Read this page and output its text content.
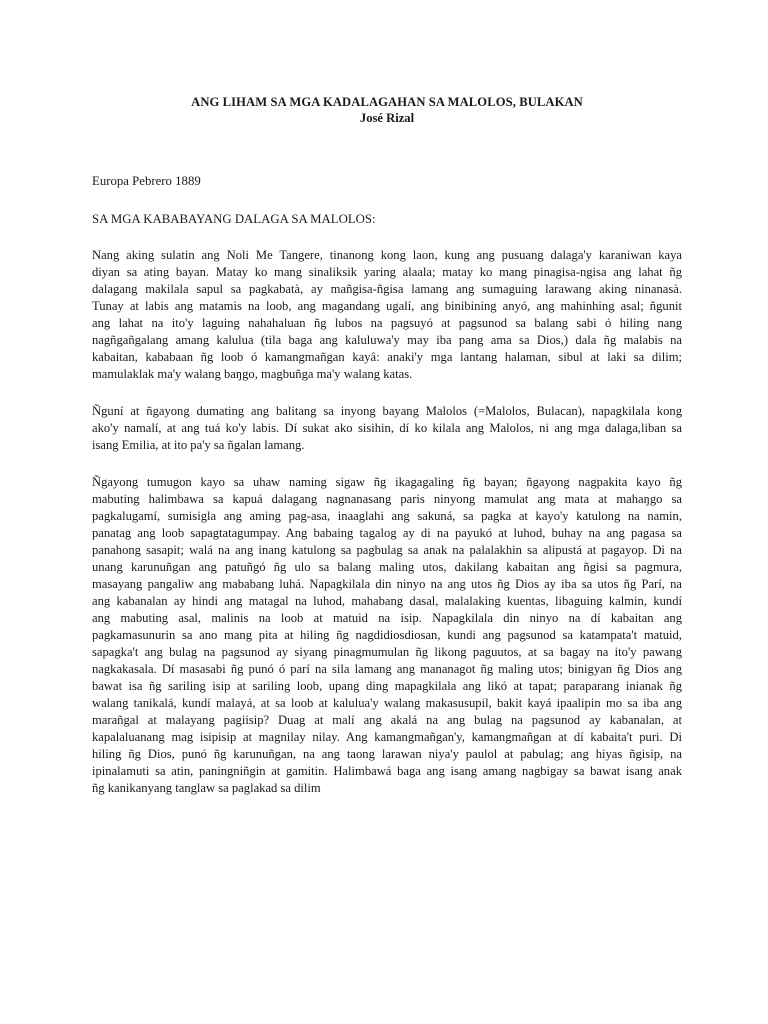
ANG LIHAM SA MGA KADALAGAHAN SA MALOLOS, BULAKAN
José Rizal
Europa Pebrero 1889
SA MGA KABABAYANG DALAGA SA MALOLOS:
Nang aking sulatin ang Noli Me Tangere, tinanong kong laon, kung ang pusuang dalaga'y karaniwan kaya
diyan sa ating bayan. Matay ko mang sinaliksik yaring alaala; matay ko mang pinagisa-ngisa ang lahat ñg
dalagang makilala sapul sa pagkabatà, ay mañgisa-ñgisa lamang ang sumaguing larawang aking ninanasà.
Tunay at labis ang matamis na loob, ang magandang ugalí, ang binibining anyó, ang mahinhing asal; ñgunit
ang lahat na ito'y laguing nahahaluan ñg lubos na pagsuyó at pagsunod sa balang sabi ó hiling nang
nagñgañgalang amang kalulua (tila baga ang kaluluwa'y may iba pang ama sa Dios,) dala ñg malabis na
kabaitan, kababaan ñg loob ó kamangmañgan kayâ: anaki'y mga lantang halaman, sibul at laki sa dilim;
mamulaklak ma'y walang baŋgo, magbuñga ma'y walang katas.
Ñguní at ñgayong dumating ang balitang sa inyong bayang Malolos (=Malolos, Bulacan), napagkilala kong
ako'y namalí, at ang tuá ko'y labis. Dí sukat ako sisihin, dí ko kilala ang Malolos, ni ang mga dalaga,liban sa
isang Emilia, at ito pa'y sa ñgalan lamang.
Ñgayong tumugon kayo sa uhaw naming sigaw ñg ikagagaling ñg bayan; ñgayong nagpakita kayo ñg
mabuting halimbawa sa kapuá dalagang nagnanasang paris ninyong mamulat ang mata at mahaŋgo sa
pagkalugamí, sumisigla ang aming pag-asa, inaaglahi ang sakuná, sa pagka at kayo'y katulong na namin,
panatag ang loob sapagtatagumpay. Ang babaing tagalog ay di na payukó at luhod, buhay na ang pagasa sa
panahong sasapit; walá na ang inang katulong sa pagbulag sa anak na palalakhin sa alipustá at pagayop. Di na
unang karunuñgan ang patuñgó ñg ulo sa balang maling utos, dakilang kabaitan ang ñgisi sa pagmura,
masayang pangaliw ang mababang luhá. Napagkilala din ninyo na ang utos ñg Dios ay iba sa utos ñg Parí, na
ang kabanalan ay hindi ang matagal na luhod, mahabang dasal, malalaking kuentas, libaguing kalmin, kundí
ang mabuting asal, malinis na loob at matuid na isip. Napagkilala din ninyo na dí kabaitan ang
pagkamasunurin sa ano mang pita at hiling ñg nagdidiosdiosan, kundi ang pagsunod sa katampata't matuid,
sapagka't ang bulag na pagsunod ay siyang pinagmumulan ñg likong paguutos, at sa bagay na ito'y pawang
nagkakasala. Dí masasabi ñg punó ó parí na sila lamang ang mananagot ñg maling utos; binigyan ñg Dios ang
bawat isa ñg sariling isip at sariling loob, upang ding mapagkilala ang likó at tapat; paraparang inianak ñg
walang tanikalá, kundí malayá, at sa loob at kalulua'y walang makasusupil, bakit kayá ipaalipin mo sa iba ang
marañgal at malayang pagiisip? Duag at malí ang akalá na ang bulag na pagsunod ay kabanalan, at
kapalaluanang mag isipisip at magnilay nilay. Ang kamangmañgan'y, kamangmañgan at dí kabaita't puri. Di
hiling ñg Dios, punó ñg karunuñgan, na ang taong larawan niya'y paulol at pabulag; ang hiyas ñgisip, na
ipinalamuti sa atin, paningniñgin at gamitin. Halimbawá baga ang isang amang nagbigay sa bawat isang anak
ñg kanikanyang tanglaw sa paglakad sa dilim
